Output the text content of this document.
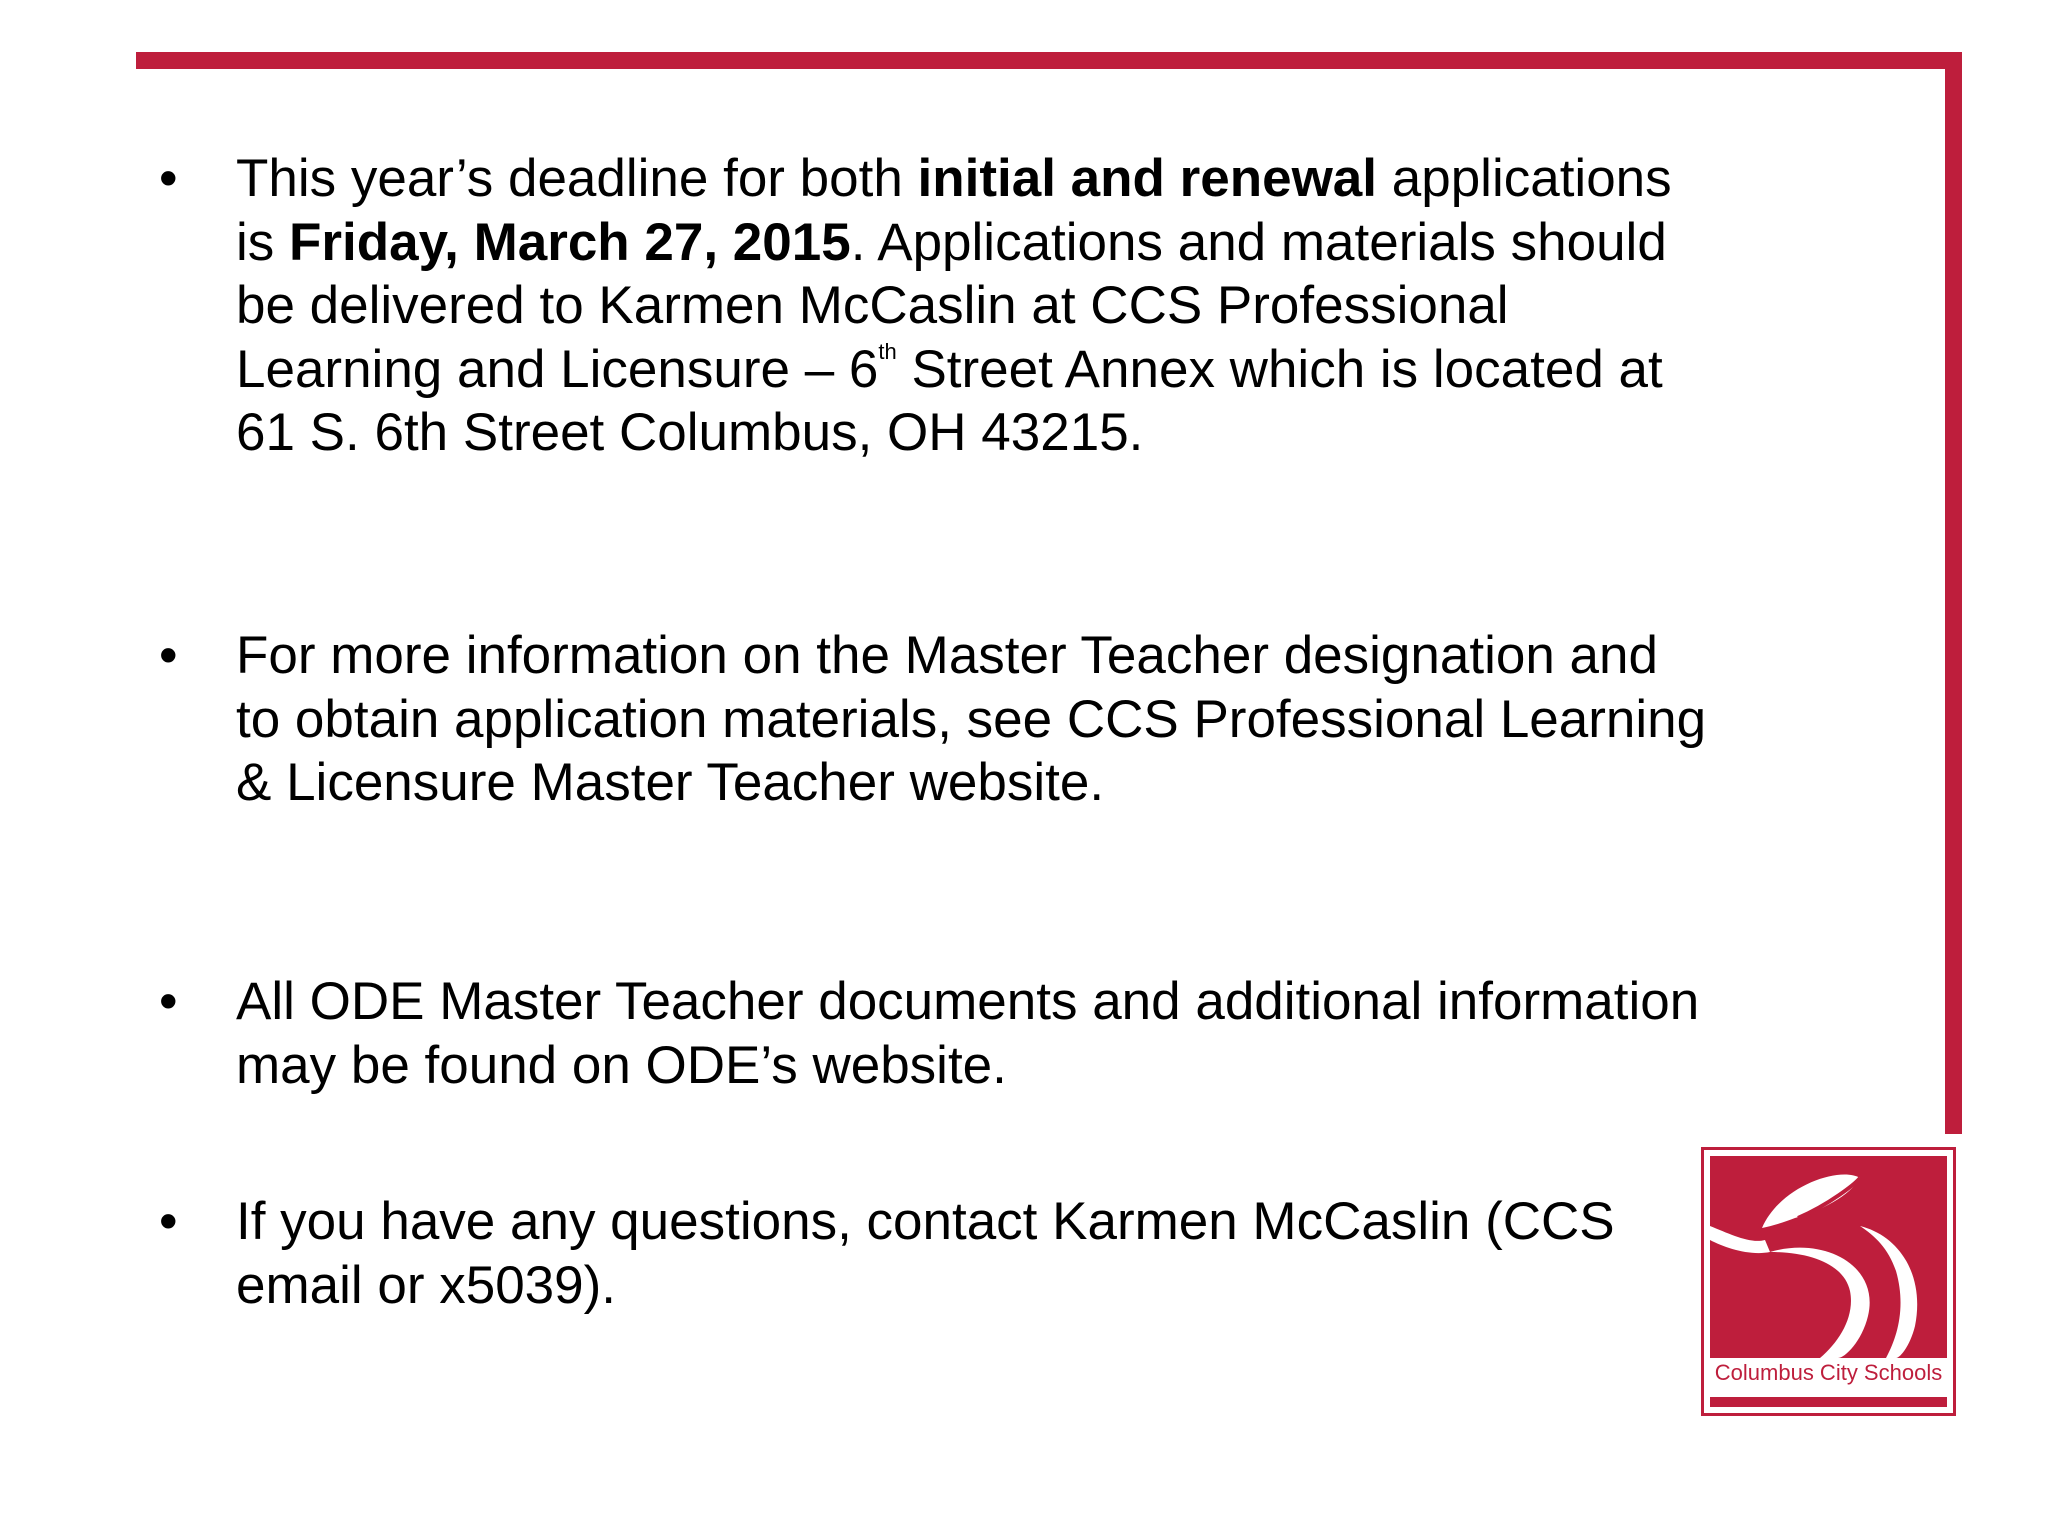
• This year’s deadline for both initial and renewal applications is Friday, March 27, 2015. Applications and materials should be delivered to Karmen McCaslin at CCS Professional Learning and Licensure – 6th Street Annex which is located at 61 S. 6th Street Columbus, OH 43215.
• For more information on the Master Teacher designation and to obtain application materials, see CCS Professional Learning & Licensure Master Teacher website.
• All ODE Master Teacher documents and additional information may be found on ODE’s website.
• If you have any questions, contact Karmen McCaslin (CCS email or x5039).
Columbus City Schools
